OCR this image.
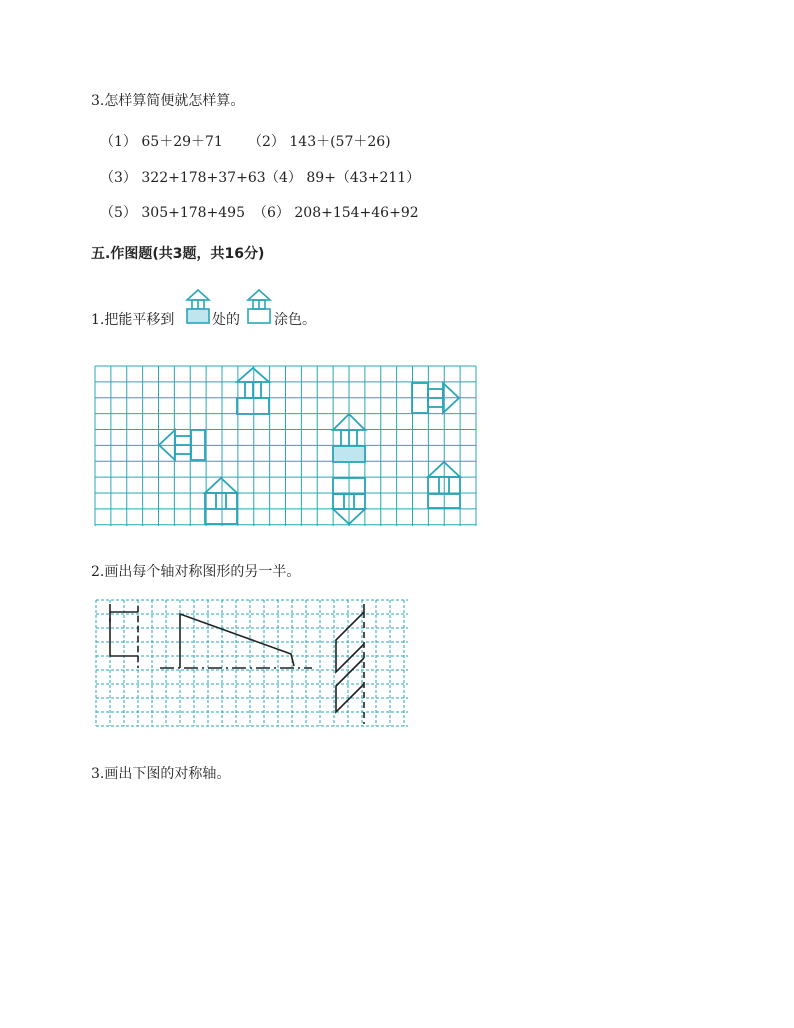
3.怎样算简便就怎样算。
（1） 65＋29＋71 （2） 143＋(57＋26)
（3） 322+178+37+63 （4） 89+（43+211）
（5） 305+178+495 （6） 208+154+46+92
五.作图题(共3题，共16分)
1.把能平移到	处的 涂色。
2.画出每个轴对称图形的另一半。
3.画出下图的对称轴。
